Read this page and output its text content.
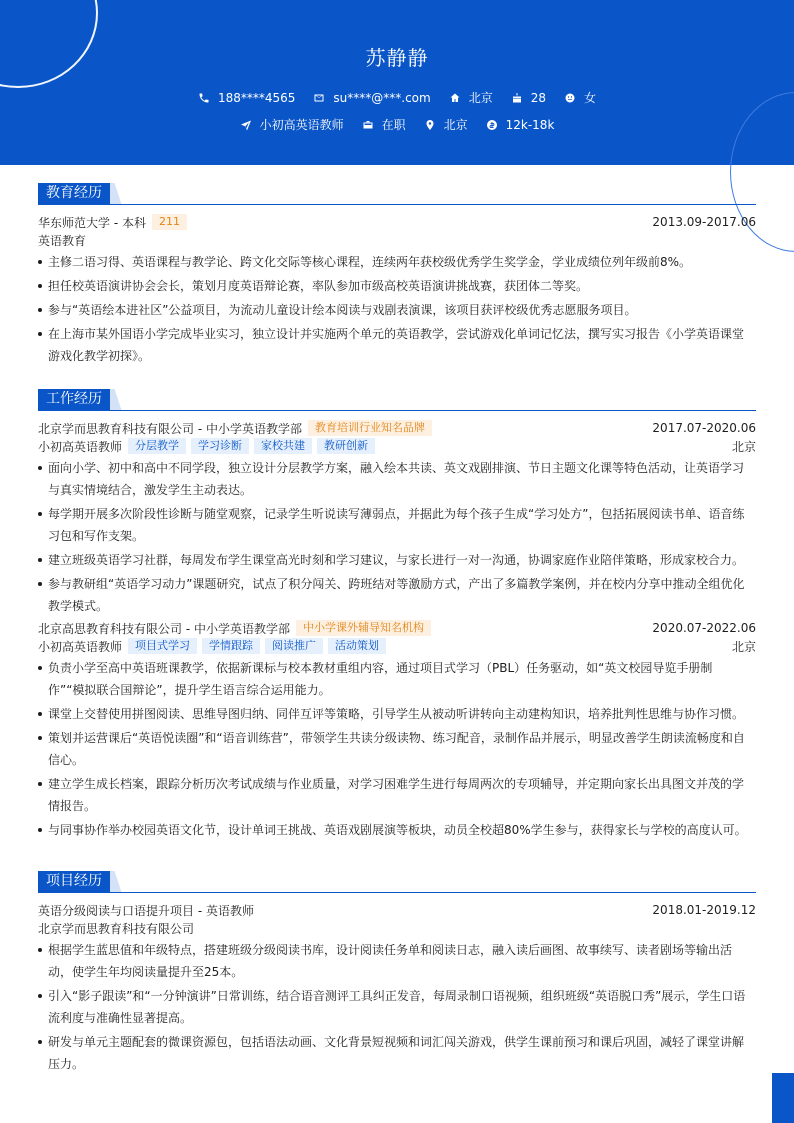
苏静静
188****4565	su****@***.com	北京	28	女
小初高英语教师	在职	北京	12k-18k
教育经历
华东师范大学 - 本科	211	2013.09-2017.06
英语教育
主修二语习得、英语课程与教学论、跨文化交际等核心课程，连续两年获校级优秀学生奖学金，学业成绩位列年级前8%。
担任校英语演讲协会会长，策划月度英语辩论赛，率队参加市级高校英语演讲挑战赛，获团体二等奖。
参与“英语绘本进社区”公益项目，为流动儿童设计绘本阅读与戏剧表演课，该项目获评校级优秀志愿服务项目。
在上海市某外国语小学完成毕业实习，独立设计并实施两个单元的英语教学，尝试游戏化单词记忆法，撰写实习报告《小学英语课堂游戏化教学初探》。
工作经历
北京学而思教育科技有限公司 - 中小学英语教学部	教育培训行业知名品牌	2017.07-2020.06
小初高英语教师	分层教学	学习诊断	家校共建	教研创新	北京
面向小学、初中和高中不同学段，独立设计分层教学方案，融入绘本共读、英文戏剧排演、节日主题文化课等特色活动，让英语学习与真实情境结合，激发学生主动表达。
每学期开展多次阶段性诊断与随堂观察，记录学生听说读写薄弱点，并据此为每个孩子生成“学习处方”，包括拓展阅读书单、语音练习包和写作支架。
建立班级英语学习社群，每周发布学生课堂高光时刻和学习建议，与家长进行一对一沟通，协调家庭作业陪伴策略，形成家校合力。
参与教研组“英语学习动力”课题研究，试点了积分闯关、跨班结对等激励方式，产出了多篇教学案例，并在校内分享中推动全组优化教学模式。
北京高思教育科技有限公司 - 中小学英语教学部	中小学课外辅导知名机构	2020.07-2022.06
小初高英语教师	项目式学习	学情跟踪	阅读推广	活动策划	北京
负责小学至高中英语班课教学，依据新课标与校本教材重组内容，通过项目式学习（PBL）任务驱动，如“英文校园导览手册制作”“模拟联合国辩论”，提升学生语言综合运用能力。
课堂上交替使用拼图阅读、思维导图归纳、同伴互评等策略，引导学生从被动听讲转向主动建构知识，培养批判性思维与协作习惯。
策划并运营课后“英语悦读圈”和“语音训练营”，带领学生共读分级读物、练习配音，录制作品并展示，明显改善学生朗读流畅度和自信心。
建立学生成长档案，跟踪分析历次考试成绩与作业质量，对学习困难学生进行每周两次的专项辅导，并定期向家长出具图文并茂的学情报告。
与同事协作举办校园英语文化节，设计单词王挑战、英语戏剧展演等板块，动员全校超80%学生参与，获得家长与学校的高度认可。
项目经历
英语分级阅读与口语提升项目 - 英语教师	2018.01-2019.12
北京学而思教育科技有限公司
根据学生蓝思值和年级特点，搭建班级分级阅读书库，设计阅读任务单和阅读日志，融入读后画图、故事续写、读者剧场等输出活动，使学生年均阅读量提升至25本。
引入“影子跟读”和“一分钟演讲”日常训练，结合语音测评工具纠正发音，每周录制口语视频，组织班级“英语脱口秀”展示，学生口语流利度与准确性显著提高。
研发与单元主题配套的微课资源包，包括语法动画、文化背景短视频和词汇闯关游戏，供学生课前预习和课后巩固，减轻了课堂讲解压力。
